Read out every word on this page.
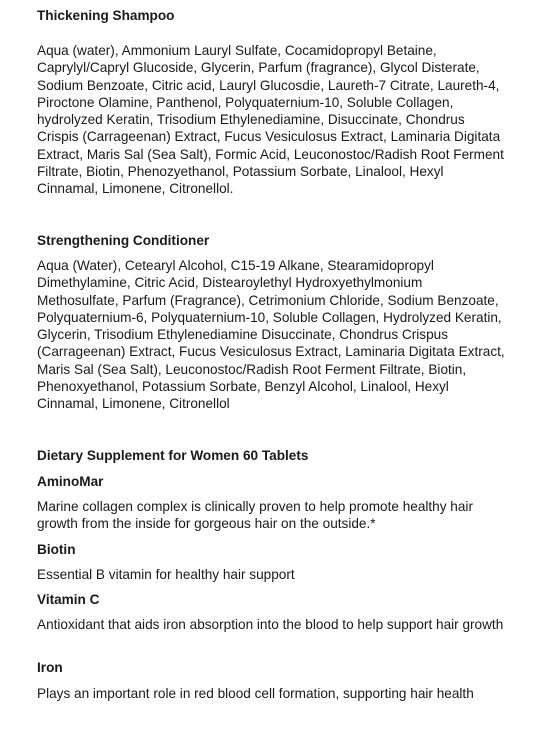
Thickening Shampoo

Aqua (water), Ammonium Lauryl Sulfate, Cocamidopropyl Betaine, Caprylyl/Capryl Glucoside, Glycerin, Parfum (fragrance), Glycol Disterate, Sodium Benzoate, Citric acid, Lauryl Glucosdie, Laureth-7 Citrate, Laureth-4, Piroctone Olamine, Panthenol, Polyquaternium-10, Soluble Collagen, hydrolyzed Keratin, Trisodium Ethylenediamine, Disuccinate, Chondrus Crispis (Carrageenan) Extract, Fucus Vesiculosus Extract, Laminaria Digitata Extract, Maris Sal (Sea Salt), Formic Acid, Leuconostoc/Radish Root Ferment Filtrate, Biotin, Phenozyethanol, Potassium Sorbate, Linalool, Hexyl Cinnamal, Limonene, Citronellol.

Strengthening Conditioner

Aqua (Water), Cetearyl Alcohol, C15-19 Alkane, Stearamidopropyl Dimethylamine, Citric Acid, Distearoylethyl Hydroxyethylmonium Methosulfate, Parfum (Fragrance), Cetrimonium Chloride, Sodium Benzoate, Polyquaternium-6, Polyquaternium-10, Soluble Collagen, Hydrolyzed Keratin, Glycerin, Trisodium Ethylenediamine Disuccinate, Chondrus Crispus (Carrageenan) Extract, Fucus Vesiculosus Extract, Laminaria Digitata Extract, Maris Sal (Sea Salt), Leuconostoc/Radish Root Ferment Filtrate, Biotin, Phenoxyethanol, Potassium Sorbate, Benzyl Alcohol, Linalool, Hexyl Cinnamal, Limonene, Citronellol

Dietary Supplement for Women 60 Tablets

AminoMar

Marine collagen complex is clinically proven to help promote healthy hair growth from the inside for gorgeous hair on the outside.*

Biotin

Essential B vitamin for healthy hair support

Vitamin C

Antioxidant that aids iron absorption into the blood to help support hair growth

Iron

Plays an important role in red blood cell formation, supporting hair health
